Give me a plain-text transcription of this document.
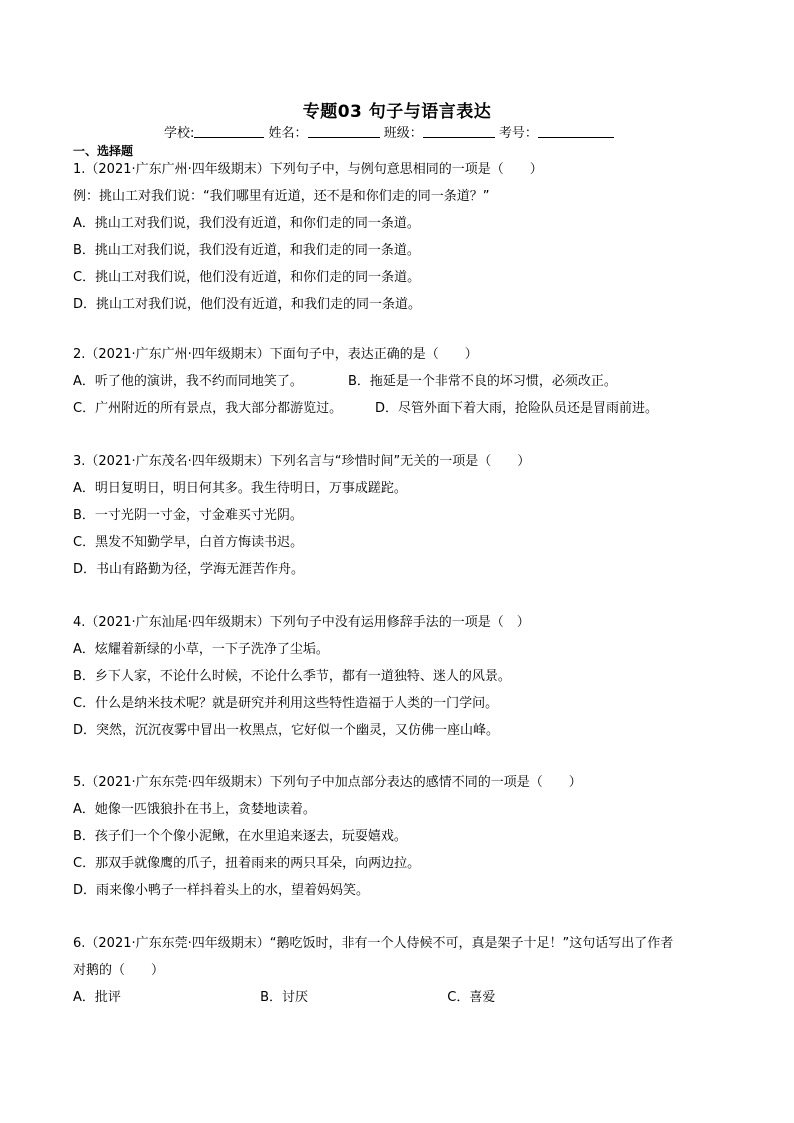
专题03 句子与语言表达
学校:	姓名：	班级：	考号：
一、选择题
1.（2021·广东广州·四年级期末）下列句子中，与例句意思相同的一项是（　　）
例：挑山工对我们说：“我们哪里有近道，还不是和你们走的同一条道？”
A．挑山工对我们说，我们没有近道，和你们走的同一条道。
B．挑山工对我们说，我们没有近道，和我们走的同一条道。
C．挑山工对我们说，他们没有近道，和你们走的同一条道。
D．挑山工对我们说，他们没有近道，和我们走的同一条道。
2.（2021·广东广州·四年级期末）下面句子中，表达正确的是（　　）
A．听了他的演讲，我不约而同地笑了。	B．拖延是一个非常不良的坏习惯，必须改正。
C．广州附近的所有景点，我大部分都游览过。	D．尽管外面下着大雨，抢险队员还是冒雨前进。
3.（2021·广东茂名·四年级期末）下列名言与“珍惜时间”无关的一项是（　　）
A．明日复明日，明日何其多。我生待明日，万事成蹉跎。
B．一寸光阴一寸金，寸金难买寸光阴。
C．黑发不知勤学早，白首方悔读书迟。
D．书山有路勤为径，学海无涯苦作舟。
4.（2021·广东汕尾·四年级期末）下列句子中没有运用修辞手法的一项是（　）
A．炫耀着新绿的小草，一下子洗净了尘垢。
B．乡下人家，不论什么时候，不论什么季节，都有一道独特、迷人的风景。
C．什么是纳米技术呢？就是研究并利用这些特性造福于人类的一门学问。
D．突然，沉沉夜雾中冒出一枚黑点，它好似一个幽灵，又仿佛一座山峰。
5.（2021·广东东莞·四年级期末）下列句子中加点部分表达的感情不同的一项是（　　）
A．她像一匹饿狼扑在书上，贪婪地读着。
B．孩子们一个个像小泥鳅，在水里追来逐去，玩耍嬉戏。
C．那双手就像鹰的爪子，扭着雨来的两只耳朵，向两边拉。
D．雨来像小鸭子一样抖着头上的水，望着妈妈笑。
6.（2021·广东东莞·四年级期末）“鹅吃饭时，非有一个人侍候不可，真是架子十足！”这句话写出了作者
对鹅的（　　）
A．批评	B．讨厌	C．喜爱
